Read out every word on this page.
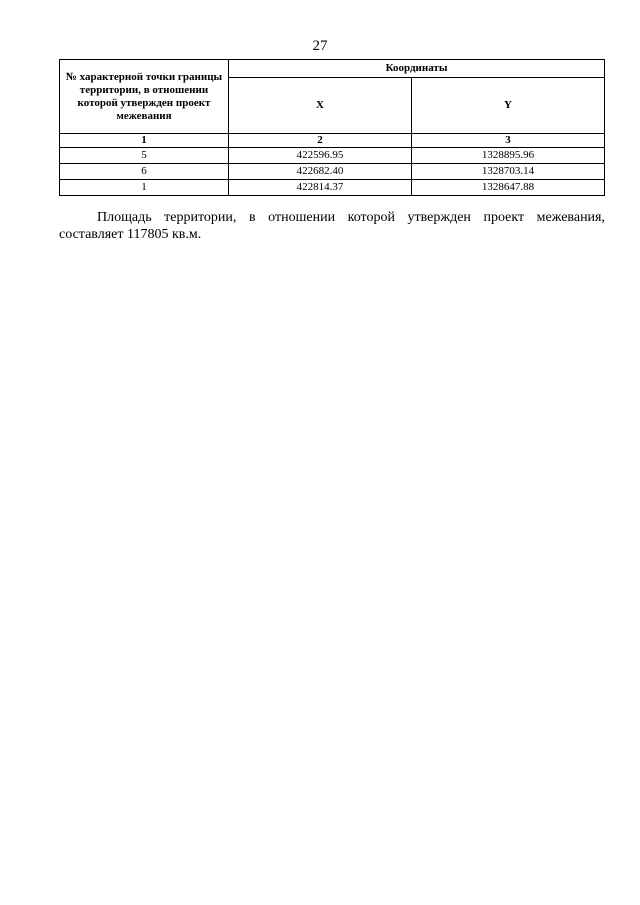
27
№ характерной точки границы территории, в отношении которой утвержден проект межевания	Координаты	
	X	Y
1	2	3
5	422596.95	1328895.96
6	422682.40	1328703.14
1	422814.37	1328647.88
Площадь территории, в отношении которой утвержден проект межевания,
составляет 117805 кв.м.
